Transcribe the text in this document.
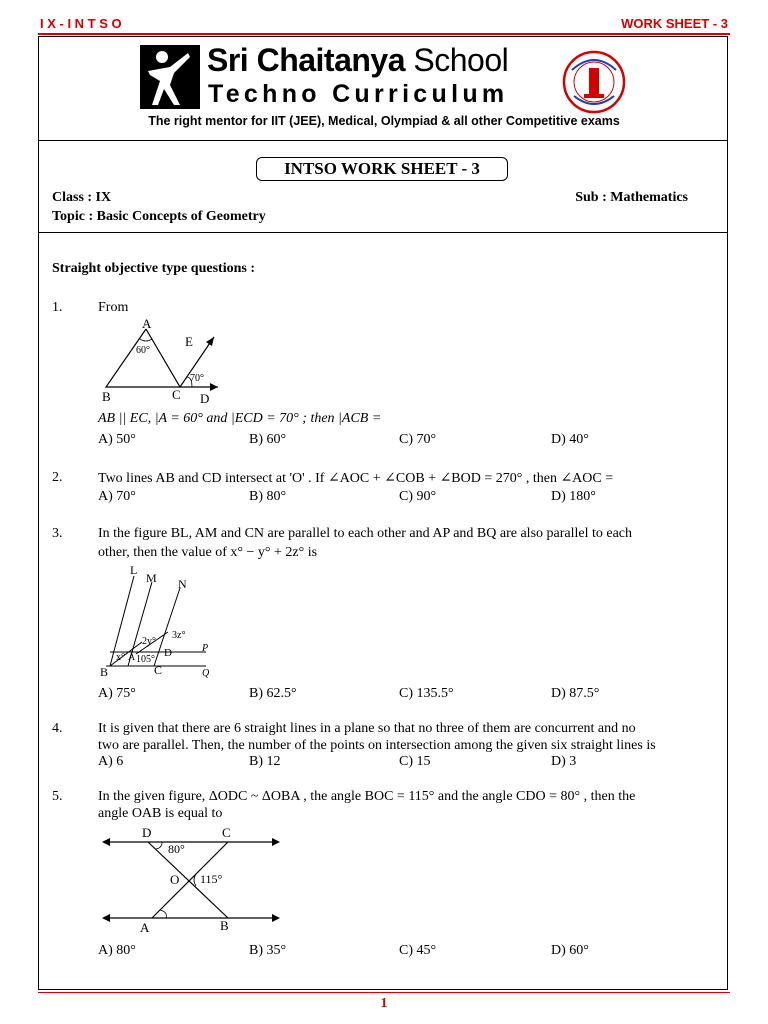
I X - I N T S O	WORK SHEET - 3
Sri Chaitanya School
Techno Curriculum
The right mentor for IIT (JEE), Medical, Olympiad & all other Competitive exams
INTSO WORK SHEET - 3
Class : IX	Sub : Mathematics
Topic : Basic Concepts of Geometry
Straight objective type questions :
1.	From
A
60°
E
70°
B	C D
AB || EC, |A = 60° and |ECD = 70° ; then |ACB =
A) 50°	B) 60°	C) 70°	D) 40°
2.	Two lines AB and CD intersect at 'O' . If ∠AOC + ∠COB + ∠BOD = 270° , then ∠AOC =
A) 70°	B) 80°	C) 90°	D) 180°
3.	In the figure BL, AM and CN are parallel to each other and AP and BQ are also parallel to each
other, then the value of x° − y° + 2z° is
L
M N
3z°
2y°
D	P
x° A 105°
B	C	Q
A) 75°	B) 62.5°	C) 135.5°	D) 87.5°
4.	It is given that there are 6 straight lines in a plane so that no three of them are concurrent and no
two are parallel. Then, the number of the points on intersection among the given six straight lines is
A) 6	B) 12	C) 15	D) 3
5.	In the given figure, ΔODC ~ ΔOBA , the angle BOC = 115° and the angle CDO = 80° , then the
angle OAB is equal to
D	C
80°
O 115°
A	B
A) 80°	B) 35°	C) 45°	D) 60°
1
